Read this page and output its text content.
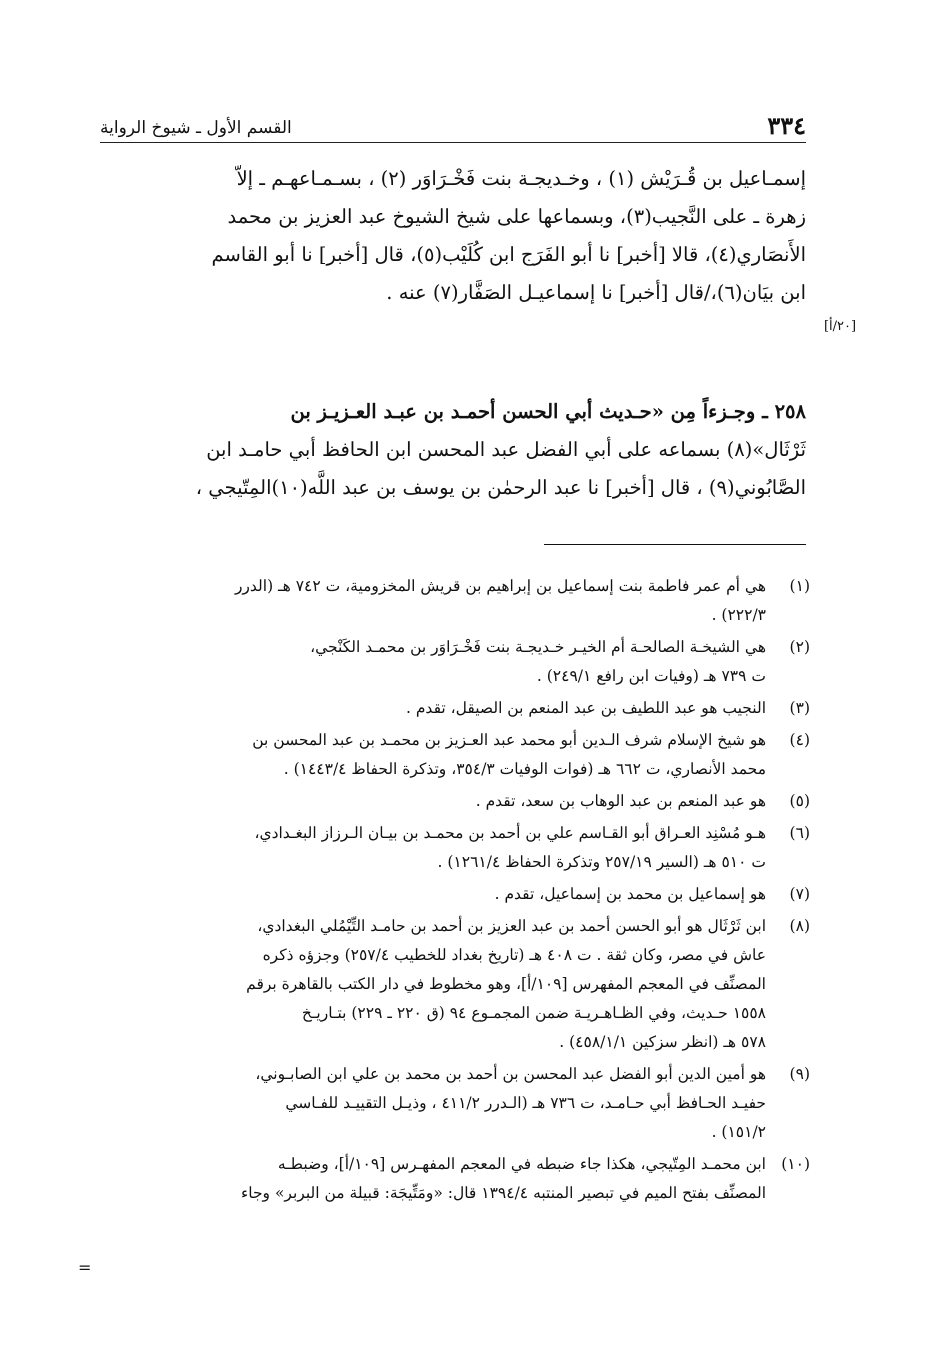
٣٣٤
القسم الأول ـ شيوخ الرواية
إسمـاعيل بن قُـرَيْش (١) ، وخـديجـة بنت فَخْـرَاوَر (٢) ، بسـمـاعهـم ـ إلاّ
زهرة ـ على النَّجيب(٣)، وبسماعها على شيخ الشيوخ عبد العزيز بن محمد
الأَنصَاري(٤)، قالا [أخبر] نا أبو الفَرَج ابن كُلَيْب(٥)، قال [أخبر] نا أبو القاسم
ابن بيَان(٦)،/قال [أخبر] نا إسماعيـل الصَفَّار(٧) عنه .
[٢٠/أ]
٢٥٨ ـ وجـزءاً مِن «حـديث أبي الحسن أحمـد بن عبـد العـزيـز بن
ثَرْثَال»(٨) بسماعه على أبي الفضل عبد المحسن ابن الحافظ أبي حامـد ابن
الصَّابُوني(٩) ، قال [أخبر] نا عبد الرحمٰن بن يوسف بن عبد اللَّه(١٠)المِتّيجي ،
(١)
هي أم عمر فاطمة بنت إسماعيل بن إبراهيم بن قريش المخزومية، ت ٧٤٢ هـ (الدرر
٢٢٢/٣) .
(٢)
هي الشيخـة الصالحـة أم الخيـر خـديجـة بنت فَخْـرَاوَر بن محمـد الكَنْجي،
ت ٧٣٩ هـ (وفيات ابن رافع ٢٤٩/١) .
(٣)
النجيب هو عبد اللطيف بن عبد المنعم بن الصيقل، تقدم .
(٤)
هو شيخ الإسلام شرف الـدين أبو محمد عبد العـزيز بن محمـد بن عبد المحسن بن
محمد الأنصاري، ت ٦٦٢ هـ (فوات الوفيات ٣٥٤/٣، وتذكرة الحفاظ ١٤٤٣/٤) .
(٥)
هو عبد المنعم بن عبد الوهاب بن سعد، تقدم .
(٦)
هـو مُسْنِد العـراق أبو القـاسم علي بن أحمد بن محمـد بن بيـان الـرزاز البغـدادي،
ت ٥١٠ هـ (السير ٢٥٧/١٩ وتذكرة الحفاظ ١٢٦١/٤) .
(٧)
هو إسماعيل بن محمد بن إسماعيل، تقدم .
(٨)
ابن ثَرْثَال هو أبو الحسن أحمد بن عبد العزيز بن أحمد بن حامـد التِّيْمُلي البغدادي،
عاش في مصر، وكان ثقة . ت ٤٠٨ هـ (تاريخ بغداد للخطيب ٢٥٧/٤) وجزؤه ذكره
المصنِّف في المعجم المفهرس [١٠٩/أ]، وهو مخطوط في دار الكتب بالقاهرة برقم
١٥٥٨ حـديث، وفي الظـاهـريـة ضمن المجمـوع ٩٤ (ق ٢٢٠ ـ ٢٢٩) بتـاريـخ
٥٧٨ هـ (انظر سزكين ٤٥٨/١/١) .
(٩)
هو أمين الدين أبو الفضل عبد المحسن بن أحمد بن محمد بن علي ابن الصابـوني،
حفيـد الحـافظ أبي حـامـد، ت ٧٣٦ هـ (الـدرر ٤١١/٢ ، وذيـل التقييـد للفـاسي
١٥١/٢) .
(١٠)
ابن محمـد المِتّيجي، هكذا جاء ضبطه في المعجم المفهـرس [١٠٩/أ]، وضبطـه
المصنِّف بفتح الميم في تبصير المنتبه ١٣٩٤/٤ قال: «ومَتِّيجَة: قبيلة من البربر» وجاء
=
